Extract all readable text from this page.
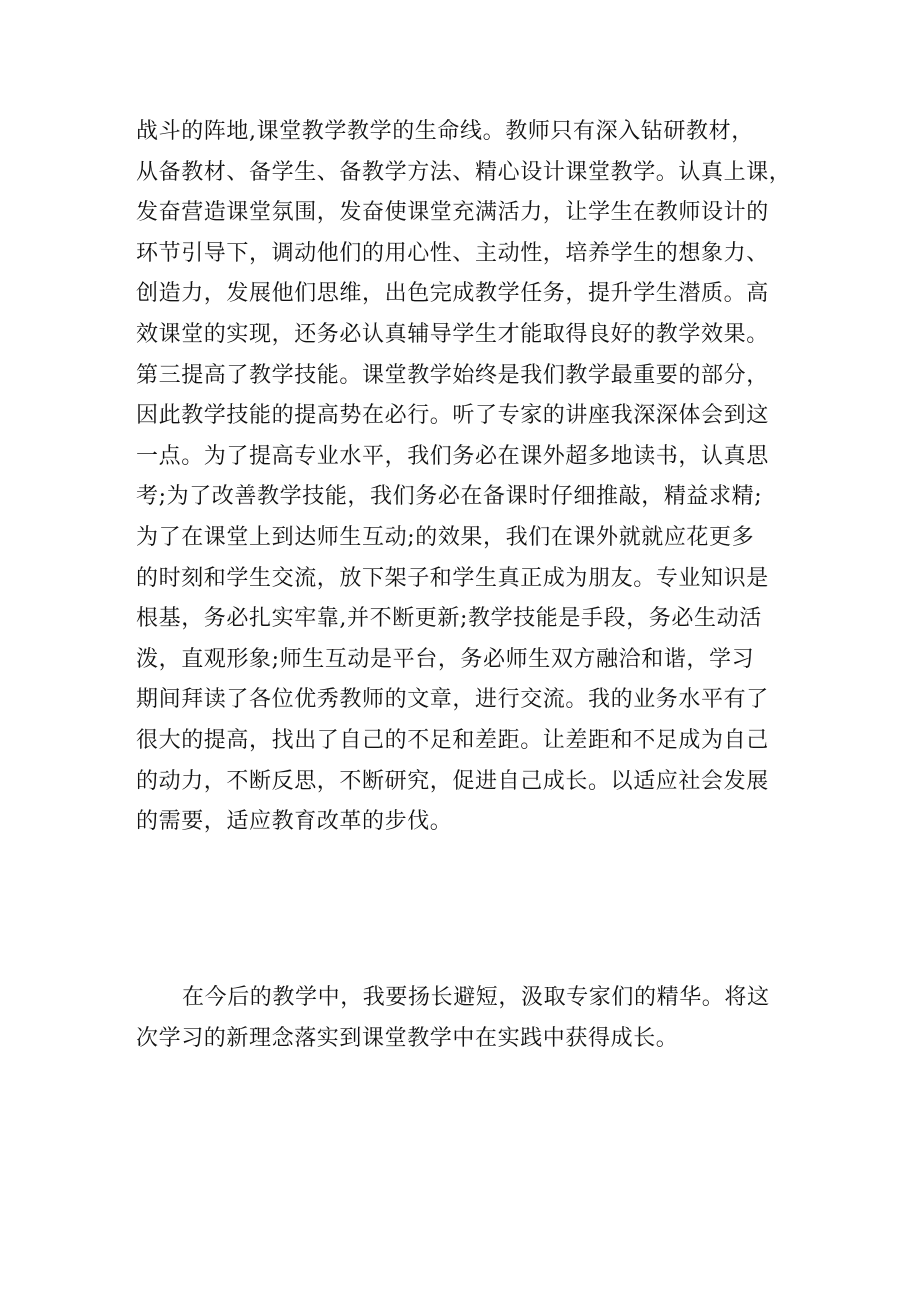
战斗的阵地,课堂教学教学的生命线。教师只有深入钻研教材，
从备教材、备学生、备教学方法、精心设计课堂教学。认真上课，
发奋营造课堂氛围，发奋使课堂充满活力，让学生在教师设计的
环节引导下，调动他们的用心性、主动性，培养学生的想象力、
创造力，发展他们思维，出色完成教学任务，提升学生潜质。高
效课堂的实现，还务必认真辅导学生才能取得良好的教学效果。
第三提高了教学技能。课堂教学始终是我们教学最重要的部分，
因此教学技能的提高势在必行。听了专家的讲座我深深体会到这
一点。为了提高专业水平，我们务必在课外超多地读书，认真思
考;为了改善教学技能，我们务必在备课时仔细推敲，精益求精;
为了在课堂上到达师生互动;的效果，我们在课外就就应花更多
的时刻和学生交流，放下架子和学生真正成为朋友。专业知识是
根基，务必扎实牢靠,并不断更新;教学技能是手段，务必生动活
泼，直观形象;师生互动是平台，务必师生双方融洽和谐，学习
期间拜读了各位优秀教师的文章，进行交流。我的业务水平有了
很大的提高，找出了自己的不足和差距。让差距和不足成为自己
的动力，不断反思，不断研究，促进自己成长。以适应社会发展
的需要，适应教育改革的步伐。
在今后的教学中，我要扬长避短，汲取专家们的精华。将这
次学习的新理念落实到课堂教学中在实践中获得成长。
